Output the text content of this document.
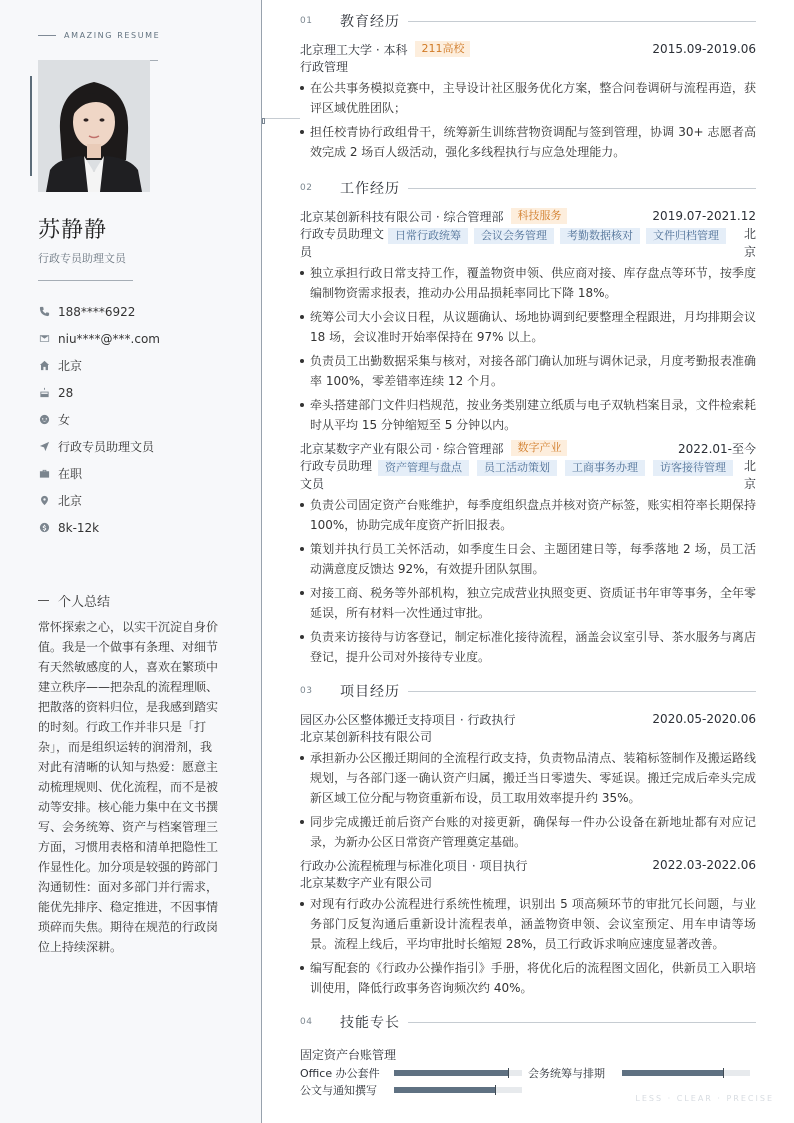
AMAZING RESUME
苏静静
行政专员助理文员
188****6922
niu****@***.com
北京
28
女
行政专员助理文员
在职
北京
8k-12k
个人总结
常怀探索之心，以实干沉淀自身价值。我是一个做事有条理、对细节有天然敏感度的人，喜欢在繁琐中建立秩序——把杂乱的流程理顺、把散落的资料归位，是我感到踏实的时刻。行政工作并非只是「打杂」，而是组织运转的润滑剂，我对此有清晰的认知与热爱：愿意主动梳理规则、优化流程，而不是被动等安排。核心能力集中在文书撰写、会务统筹、资产与档案管理三方面，习惯用表格和清单把隐性工作显性化。加分项是较强的跨部门沟通韧性：面对多部门并行需求，能优先排序、稳定推进，不因事情琐碎而失焦。期待在规范的行政岗位上持续深耕。
01	教育经历
北京理工大学 · 本科	211高校	2015.09-2019.06
行政管理
在公共事务模拟竞赛中，主导设计社区服务优化方案，整合问卷调研与流程再造，获评区域优胜团队；
担任校青协行政组骨干，统筹新生训练营物资调配与签到管理，协调 30+ 志愿者高效完成 2 场百人级活动，强化多线程执行与应急处理能力。
02	工作经历
北京某创新科技有限公司 · 综合管理部	科技服务	2019.07-2021.12
行政专员助理文员
日常行政统筹	会议会务管理	考勤数据核对	文件归档管理	北京
独立承担行政日常支持工作，覆盖物资申领、供应商对接、库存盘点等环节，按季度编制物资需求报表，推动办公用品损耗率同比下降 18%。
统筹公司大小会议日程，从议题确认、场地协调到纪要整理全程跟进，月均排期会议 18 场，会议准时开始率保持在 97% 以上。
负责员工出勤数据采集与核对，对接各部门确认加班与调休记录，月度考勤报表准确率 100%，零差错率连续 12 个月。
牵头搭建部门文件归档规范，按业务类别建立纸质与电子双轨档案目录，文件检索耗时从平均 15 分钟缩短至 5 分钟以内。
北京某数字产业有限公司 · 综合管理部	数字产业	2022.01-至今
行政专员助理文员
资产管理与盘点	员工活动策划	工商事务办理	访客接待管理	北京
负责公司固定资产台账维护，每季度组织盘点并核对资产标签，账实相符率长期保持 100%，协助完成年度资产折旧报表。
策划并执行员工关怀活动，如季度生日会、主题团建日等，每季落地 2 场，员工活动满意度反馈达 92%，有效提升团队氛围。
对接工商、税务等外部机构，独立完成营业执照变更、资质证书年审等事务，全年零延误，所有材料一次性通过审批。
负责来访接待与访客登记，制定标准化接待流程，涵盖会议室引导、茶水服务与离店登记，提升公司对外接待专业度。
03	项目经历
园区办公区整体搬迁支持项目 · 行政执行	2020.05-2020.06
北京某创新科技有限公司
承担新办公区搬迁期间的全流程行政支持，负责物品清点、装箱标签制作及搬运路线规划，与各部门逐一确认资产归属，搬迁当日零遗失、零延误。搬迁完成后牵头完成新区域工位分配与物资重新布设，员工取用效率提升约 35%。
同步完成搬迁前后资产台账的对接更新，确保每一件办公设备在新地址都有对应记录，为新办公区日常资产管理奠定基础。
行政办公流程梳理与标准化项目 · 项目执行	2022.03-2022.06
北京某数字产业有限公司
对现有行政办公流程进行系统性梳理，识别出 5 项高频环节的审批冗长问题，与业务部门反复沟通后重新设计流程表单，涵盖物资申领、会议室预定、用车申请等场景。流程上线后，平均审批时长缩短 28%，员工行政诉求响应速度显著改善。
编写配套的《行政办公操作指引》手册，将优化后的流程图文固化，供新员工入职培训使用，降低行政事务咨询频次约 40%。
04	技能专长
固定资产台账管理
Office 办公套件	会务统筹与排期
公文与通知撰写
LESS · CLEAR · PRECISE
